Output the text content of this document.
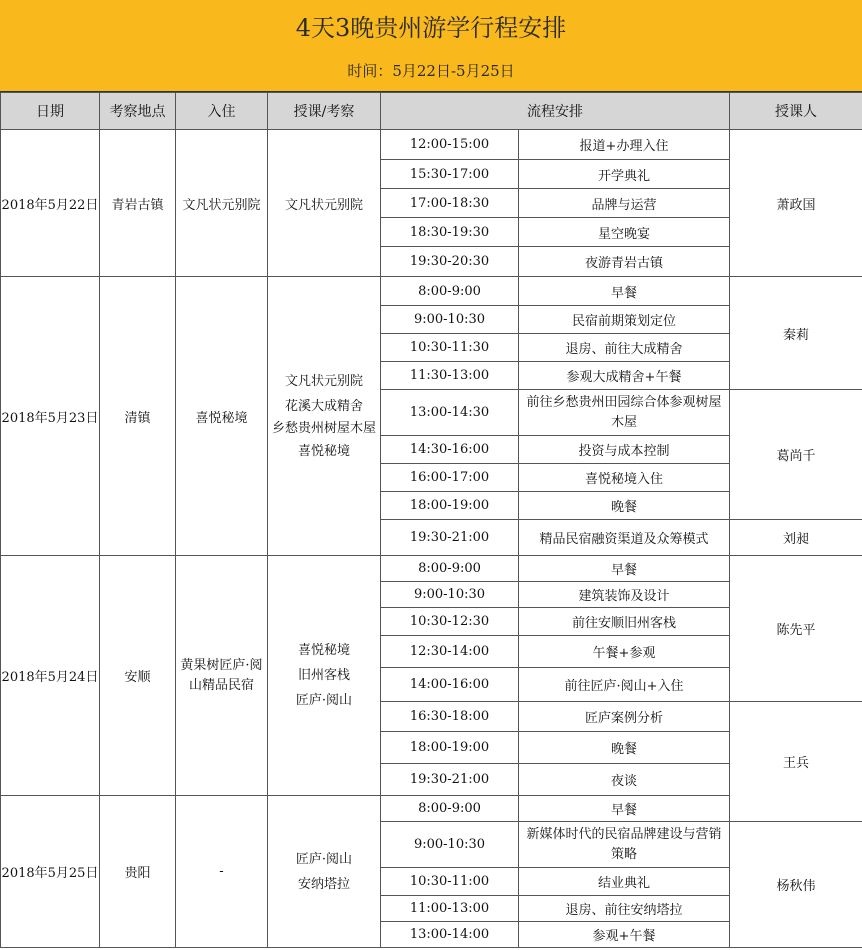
4天3晚贵州游学行程安排
时间：5月22日-5月25日
日期	考察地点	入住	授课/考察	流程安排		授课人
2018年5月22日	青岩古镇	文凡状元别院	文凡状元别院	12:00-15:00	报道+办理入住	萧政国
				15:30-17:00	开学典礼	
				17:00-18:30	品牌与运营	
				18:30-19:30	星空晚宴	
				19:30-20:30	夜游青岩古镇	
2018年5月23日	清镇	喜悦秘境	文凡状元别院
花溪大成精舍
乡愁贵州树屋木屋
喜悦秘境	8:00-9:00	早餐	秦莉
				9:00-10:30	民宿前期策划定位	
				10:30-11:30	退房、前往大成精舍	
				11:30-13:00	参观大成精舍+午餐	
				13:00-14:30	前往乡愁贵州田园综合体参观树屋木屋	葛尚千
				14:30-16:00	投资与成本控制	
				16:00-17:00	喜悦秘境入住	
				18:00-19:00	晚餐	
				19:30-21:00	精品民宿融资渠道及众筹模式	刘昶
2018年5月24日	安顺	黄果树匠庐·阅山精品民宿	喜悦秘境
旧州客栈
匠庐·阅山	8:00-9:00	早餐	陈先平
				9:00-10:30	建筑装饰及设计	
				10:30-12:30	前往安顺旧州客栈	
				12:30-14:00	午餐+参观	
				14:00-16:00	前往匠庐·阅山+入住	
				16:30-18:00	匠庐案例分析	王兵
				18:00-19:00	晚餐	
				19:30-21:00	夜谈	
2018年5月25日	贵阳	-	匠庐·阅山
安纳塔拉	8:00-9:00	早餐	
				9:00-10:30	新媒体时代的民宿品牌建设与营销策略	杨秋伟
				10:30-11:00	结业典礼	
				11:00-13:00	退房、前往安纳塔拉	
				13:00-14:00	参观+午餐	
